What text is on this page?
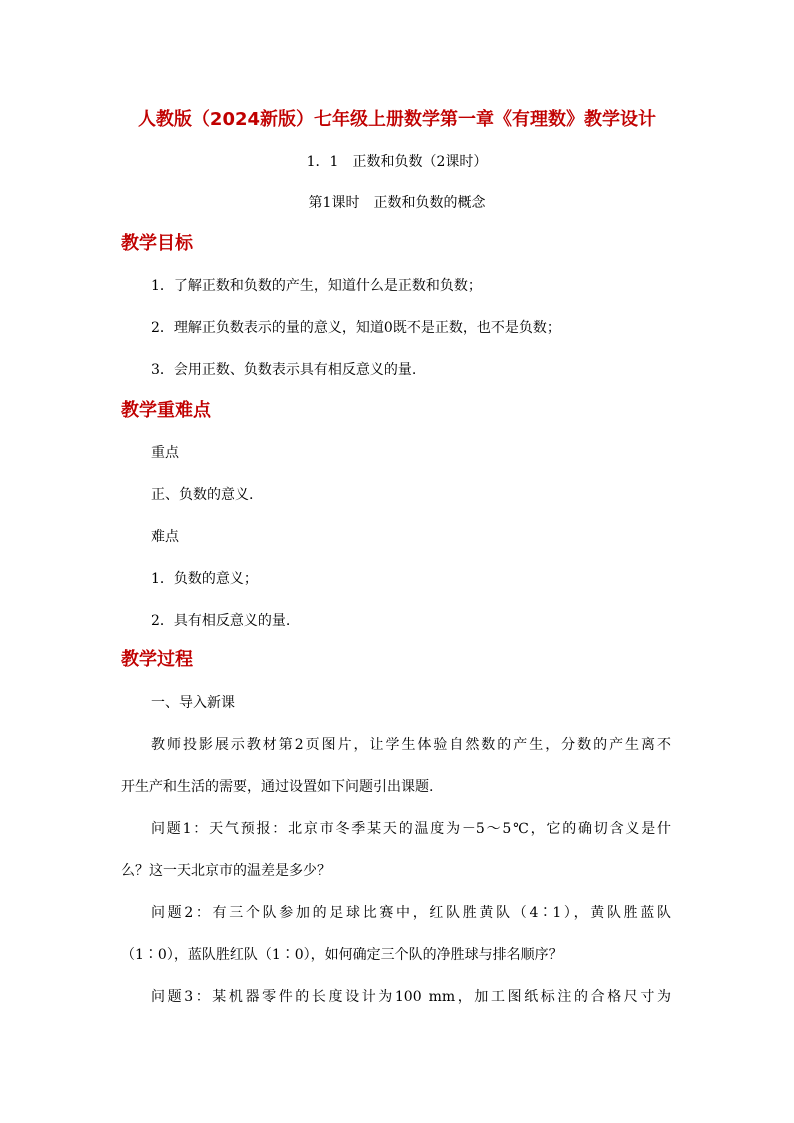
人教版（2024新版）七年级上册数学第一章《有理数》教学设计
1．1　正数和负数（2课时）
第1课时　正数和负数的概念
教学目标
1．了解正数和负数的产生，知道什么是正数和负数；
2．理解正负数表示的量的意义，知道0既不是正数，也不是负数；
3．会用正数、负数表示具有相反意义的量.
教学重难点
重点
正、负数的意义.
难点
1．负数的意义；
2．具有相反意义的量.
教学过程
一、导入新课
教师投影展示教材第2页图片，让学生体验自然数的产生，分数的产生离不
开生产和生活的需要，通过设置如下问题引出课题.
问题1：天气预报：北京市冬季某天的温度为－5～5℃，它的确切含义是什
么？这一天北京市的温差是多少？
问题2：有三个队参加的足球比赛中，红队胜黄队（4∶1），黄队胜蓝队
（1∶0），蓝队胜红队（1∶0），如何确定三个队的净胜球与排名顺序？
问题3：某机器零件的长度设计为100 mm，加工图纸标注的合格尺寸为
